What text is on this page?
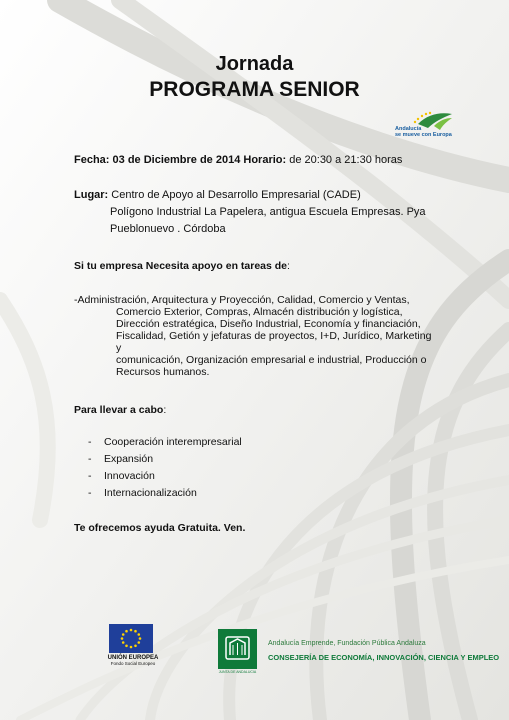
Jornada
PROGRAMA SENIOR
Andalucía
se mueve con Europa
Fecha: 03 de Diciembre de 2014 Horario: de 20:30 a 21:30 horas
Lugar: Centro de Apoyo al Desarrollo Empresarial (CADE)
Polígono Industrial La Papelera, antigua Escuela Empresas. Pya
Pueblonuevo . Córdoba
Si tu empresa Necesita apoyo en tareas de:
-Administración, Arquitectura y Proyección, Calidad, Comercio y Ventas,
Comercio Exterior, Compras, Almacén distribución y logística,
Dirección estratégica, Diseño Industrial, Economía y financiación,
Fiscalidad, Getión y jefaturas de proyectos, I+D, Jurídico, Marketing y
comunicación, Organización empresarial e industrial, Producción o
Recursos humanos.
Para llevar a cabo:
-	Cooperación interempresarial
-	Expansión
-	Innovación
-	Internacionalización
Te ofrecemos ayuda Gratuita. Ven.
UNIÓN EUROPEA
Fondo Social Europeo
JUNTA DE ANDALUCIA
Andalucía Emprende, Fundación Pública Andaluza
CONSEJERÍA DE ECONOMÍA, INNOVACIÓN, CIENCIA Y EMPLEO
